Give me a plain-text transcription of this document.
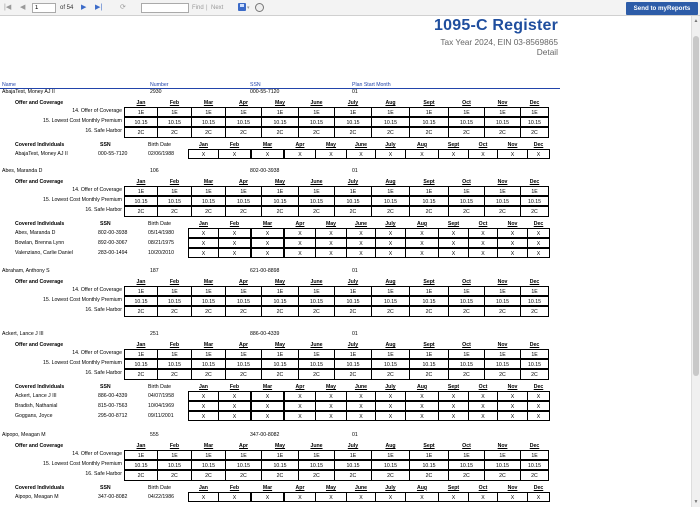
|◀ ◀
1	of 54 ▶ ▶|	⟳	Find | Next	▾	Send to myReports
▲
▼
1095-C Register
Tax Year 2024, EIN 03-8569865
Detail
Name	Number	SSN	Plan Start Month
AbajaTest, Money AJ II	2930	000-55-7120	01
Offer and Coverage	Jan	Feb	Mar	Apr	May	June	July	Aug	Sept	Oct	Nov	Dec
14. Offer of Coverage	1E	1E	1E	1E	1E	1E	1E	1E	1E	1E	1E	1E
15. Lowest Cost Monthly Premium	10.15	10.15	10.15	10.15	10.15	10.15	10.15	10.15	10.15	10.15	10.15	10.15
16. Safe Harbor	2C	2C	2C	2C	2C	2C	2C	2C	2C	2C	2C	2C
Covered Individuals	SSN	Birth Date	Jan	Feb	Mar	Apr	May	June	July	Aug	Sept	Oct	Nov	Dec
AbajaTest, Money AJ II	000-55-7120	02/06/1988	X	X	X	X	X	X	X	X	X	X	X	X
Abes, Maranda D	106	802-00-3938	01
Offer and Coverage	Jan	Feb	Mar	Apr	May	June	July	Aug	Sept	Oct	Nov	Dec
14. Offer of Coverage	1E	1E	1E	1E	1E	1E	1E	1E	1E	1E	1E	1E
15. Lowest Cost Monthly Premium	10.15	10.15	10.15	10.15	10.15	10.15	10.15	10.15	10.15	10.15	10.15	10.15
16. Safe Harbor	2C	2C	2C	2C	2C	2C	2C	2C	2C	2C	2C	2C
Covered Individuals	SSN	Birth Date	Jan	Feb	Mar	Apr	May	June	July	Aug	Sept	Oct	Nov	Dec
Abes, Maranda D	802-00-3938	05/14/1980	X	X	X	X	X	X	X	X	X	X	X	X
Bowlan, Brenna Lynn	892-00-3067	08/21/1975	X	X	X	X	X	X	X	X	X	X	X	X
Valenziano, Carlie Daniel	283-00-1494	10/20/2010	X	X	X	X	X	X	X	X	X	X	X	X
Abraham, Anthony S	187	621-00-8898	01
Offer and Coverage	Jan	Feb	Mar	Apr	May	June	July	Aug	Sept	Oct	Nov	Dec
14. Offer of Coverage	1E	1E	1E	1E	1E	1E	1E	1E	1E	1E	1E	1E
15. Lowest Cost Monthly Premium	10.15	10.15	10.15	10.15	10.15	10.15	10.15	10.15	10.15	10.15	10.15	10.15
16. Safe Harbor	2C	2C	2C	2C	2C	2C	2C	2C	2C	2C	2C	2C
Ackert, Lance J III	251	886-00-4339	01
Offer and Coverage	Jan	Feb	Mar	Apr	May	June	July	Aug	Sept	Oct	Nov	Dec
14. Offer of Coverage	1E	1E	1E	1E	1E	1E	1E	1E	1E	1E	1E	1E
15. Lowest Cost Monthly Premium	10.15	10.15	10.15	10.15	10.15	10.15	10.15	10.15	10.15	10.15	10.15	10.15
16. Safe Harbor	2C	2C	2C	2C	2C	2C	2C	2C	2C	2C	2C	2C
Covered Individuals	SSN	Birth Date	Jan	Feb	Mar	Apr	May	June	July	Aug	Sept	Oct	Nov	Dec
Ackert, Lance J III	886-00-4339	04/07/1958	X	X	X	X	X	X	X	X	X	X	X	X
Bradish, Nathanial	815-00-7563	10/04/1969	X	X	X	X	X	X	X	X	X	X	X	X
Goggans, Joyce	295-00-8712	09/11/2001	X	X	X	X	X	X	X	X	X	X	X	X
Aipopo, Meagan M	555	347-00-8082	01
Offer and Coverage	Jan	Feb	Mar	Apr	May	June	July	Aug	Sept	Oct	Nov	Dec
14. Offer of Coverage	1E	1E	1E	1E	1E	1E	1E	1E	1E	1E	1E	1E
15. Lowest Cost Monthly Premium	10.15	10.15	10.15	10.15	10.15	10.15	10.15	10.15	10.15	10.15	10.15	10.15
16. Safe Harbor	2C	2C	2C	2C	2C	2C	2C	2C	2C	2C	2C	2C
Covered Individuals	SSN	Birth Date	Jan	Feb	Mar	Apr	May	June	July	Aug	Sept	Oct	Nov	Dec
Aipopo, Meagan M	347-00-8082	04/22/1986	X	X	X	X	X	X	X	X	X	X	X	X
